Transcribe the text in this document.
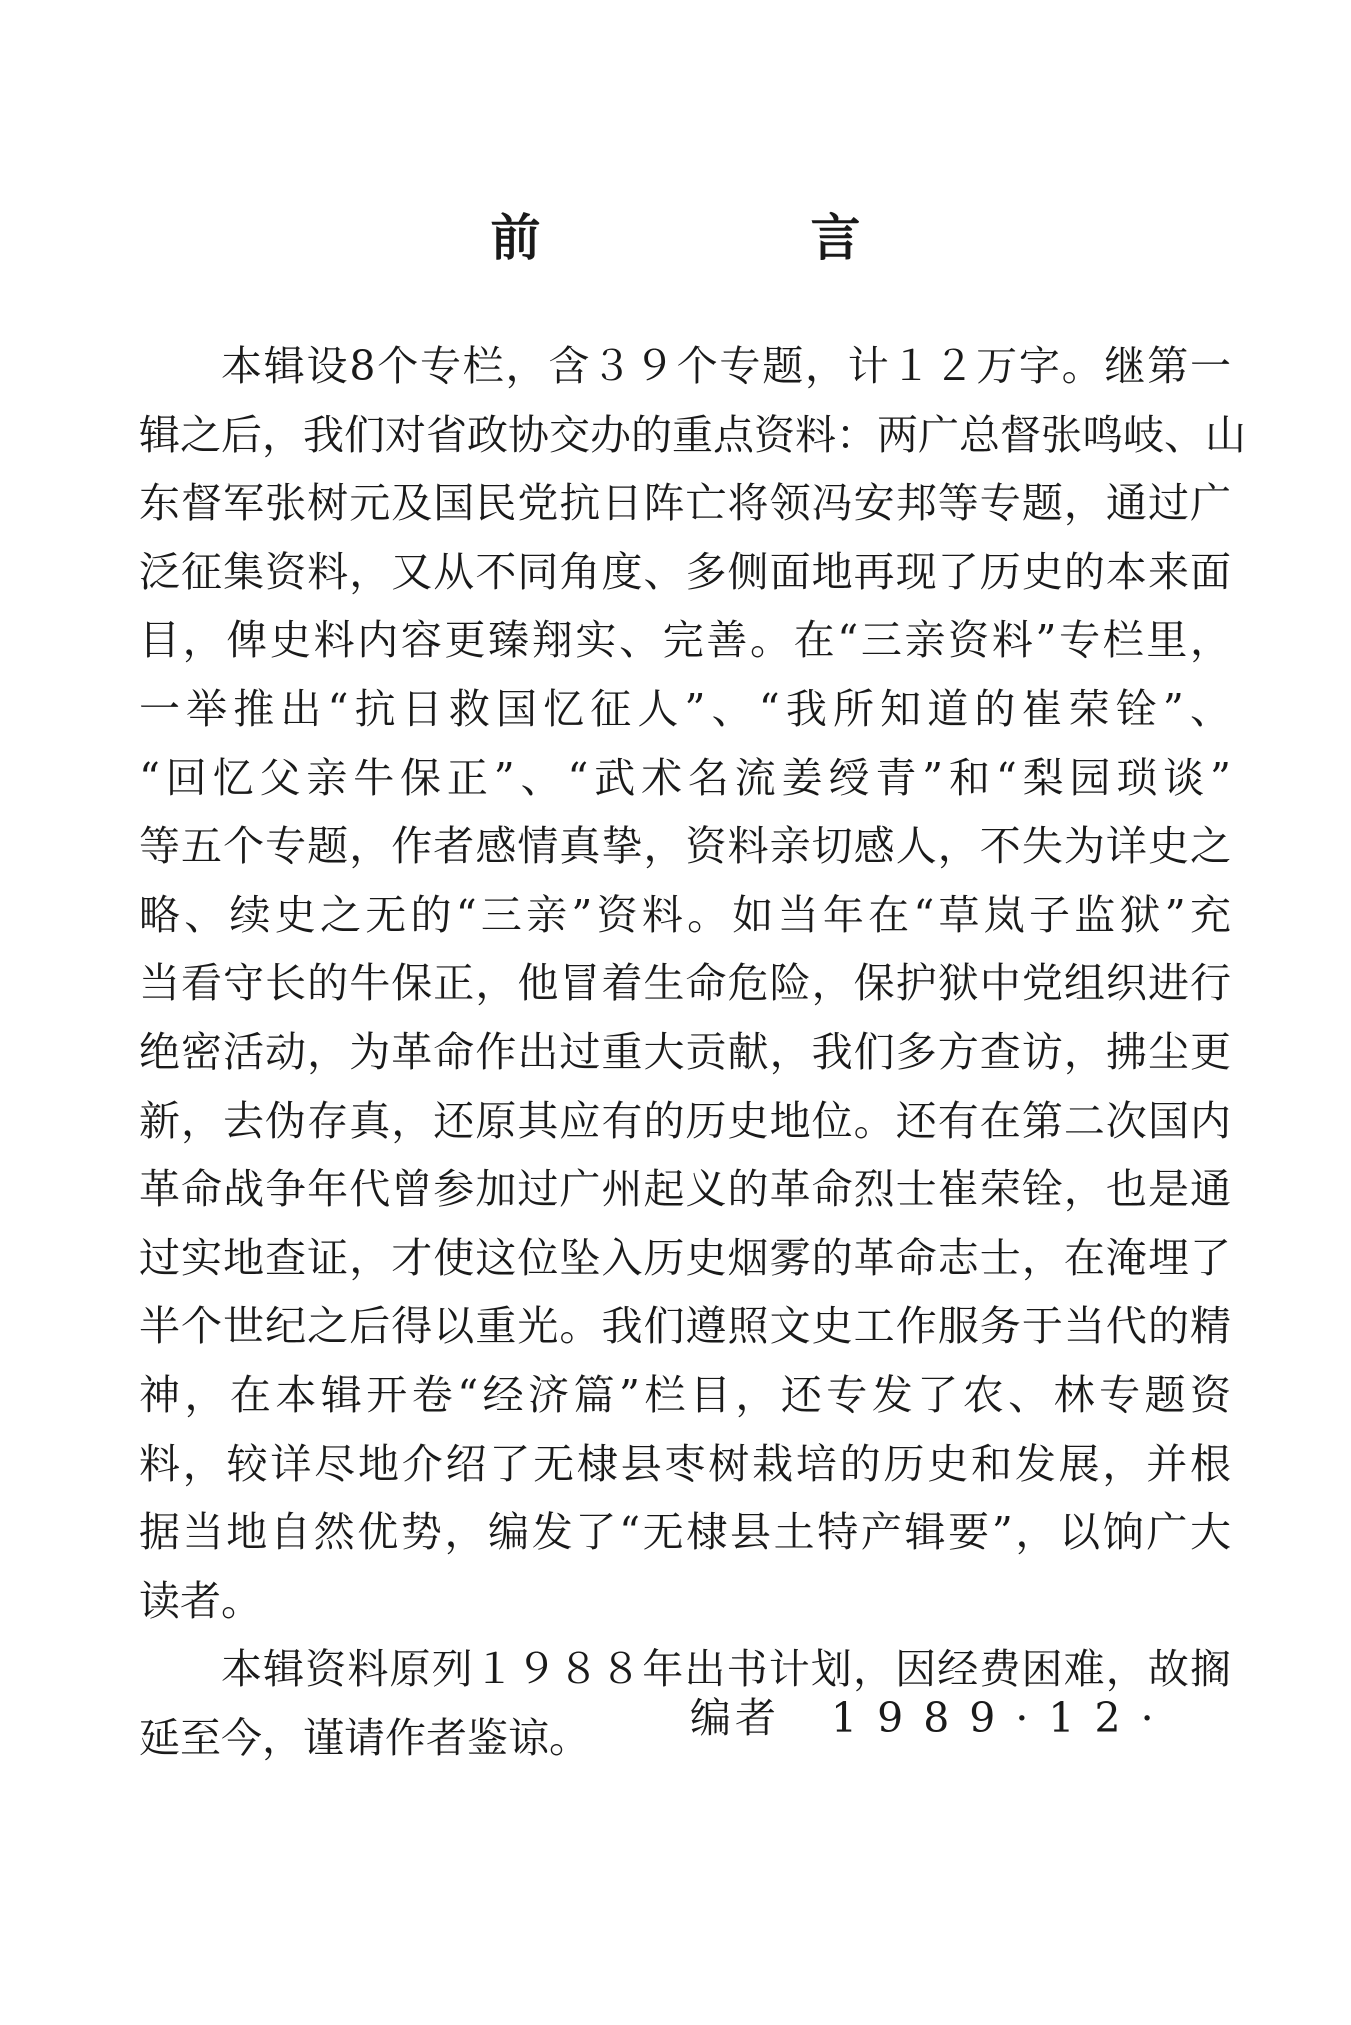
前　言
本辑设8个专栏，含３９个专题，计１２万字。继第一
辑之后，我们对省政协交办的重点资料：两广总督张鸣岐、山
东督军张树元及国民党抗日阵亡将领冯安邦等专题，通过广
泛征集资料，又从不同角度、多侧面地再现了历史的本来面
目，俾史料内容更臻翔实、完善。在“三亲资料”专栏里，
一举推出“抗日救国忆征人”、“我所知道的崔荣铨”、
“回忆父亲牛保正”、“武术名流姜绶青”和“梨园琐谈”
等五个专题，作者感情真挚，资料亲切感人，不失为详史之
略、续史之无的“三亲”资料。如当年在“草岚子监狱”充
当看守长的牛保正，他冒着生命危险，保护狱中党组织进行
绝密活动，为革命作出过重大贡献，我们多方查访，拂尘更
新，去伪存真，还原其应有的历史地位。还有在第二次国内
革命战争年代曾参加过广州起义的革命烈士崔荣铨，也是通
过实地查证，才使这位坠入历史烟雾的革命志士，在淹埋了
半个世纪之后得以重光。我们遵照文史工作服务于当代的精
神，在本辑开卷“经济篇”栏目，还专发了农、林专题资
料，较详尽地介绍了无棣县枣树栽培的历史和发展，并根
据当地自然优势，编发了“无棣县土特产辑要”，以饷广大
读者。
本辑资料原列１９８８年出书计划，因经费困难，故搁
延至今，谨请作者鉴谅。	编者 1989·12·
